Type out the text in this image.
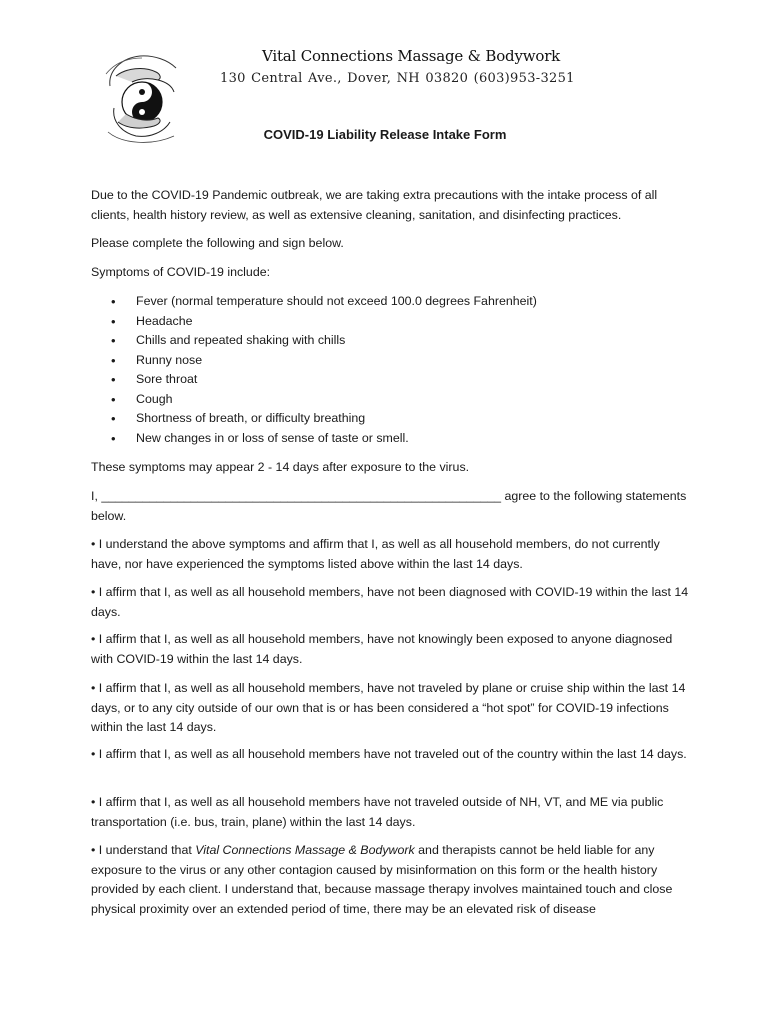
Vital Connections Massage & Bodywork
130 Central Ave., Dover, NH 03820 (603)953-3251
COVID-19 Liability Release Intake Form
Due to the COVID-19 Pandemic outbreak, we are taking extra precautions with the intake process of all clients, health history review, as well as extensive cleaning, sanitation, and disinfecting practices.
Please complete the following and sign below.
Symptoms of COVID-19 include:
• Fever (normal temperature should not exceed 100.0 degrees Fahrenheit)
• Headache
• Chills and repeated shaking with chills
• Runny nose
• Sore throat
• Cough
• Shortness of breath, or difficulty breathing
• New changes in or loss of sense of taste or smell.
These symptoms may appear 2 - 14 days after exposure to the virus.
I, __________________________________________________________ agree to the following statements below.
• I understand the above symptoms and affirm that I, as well as all household members, do not currently have, nor have experienced the symptoms listed above within the last 14 days.
• I affirm that I, as well as all household members, have not been diagnosed with COVID-19 within the last 14 days.
• I affirm that I, as well as all household members, have not knowingly been exposed to anyone diagnosed with COVID-19 within the last 14 days.
• I affirm that I, as well as all household members, have not traveled by plane or cruise ship within the last 14 days, or to any city outside of our own that is or has been considered a “hot spot” for COVID-19 infections within the last 14 days.
• I affirm that I, as well as all household members have not traveled out of the country within the last 14 days.
• I affirm that I, as well as all household members have not traveled outside of NH, VT, and ME via public transportation (i.e. bus, train, plane) within the last 14 days.
• I understand that Vital Connections Massage & Bodywork and therapists cannot be held liable for any exposure to the virus or any other contagion caused by misinformation on this form or the health history provided by each client. I understand that, because massage therapy involves maintained touch and close physical proximity over an extended period of time, there may be an elevated risk of disease
